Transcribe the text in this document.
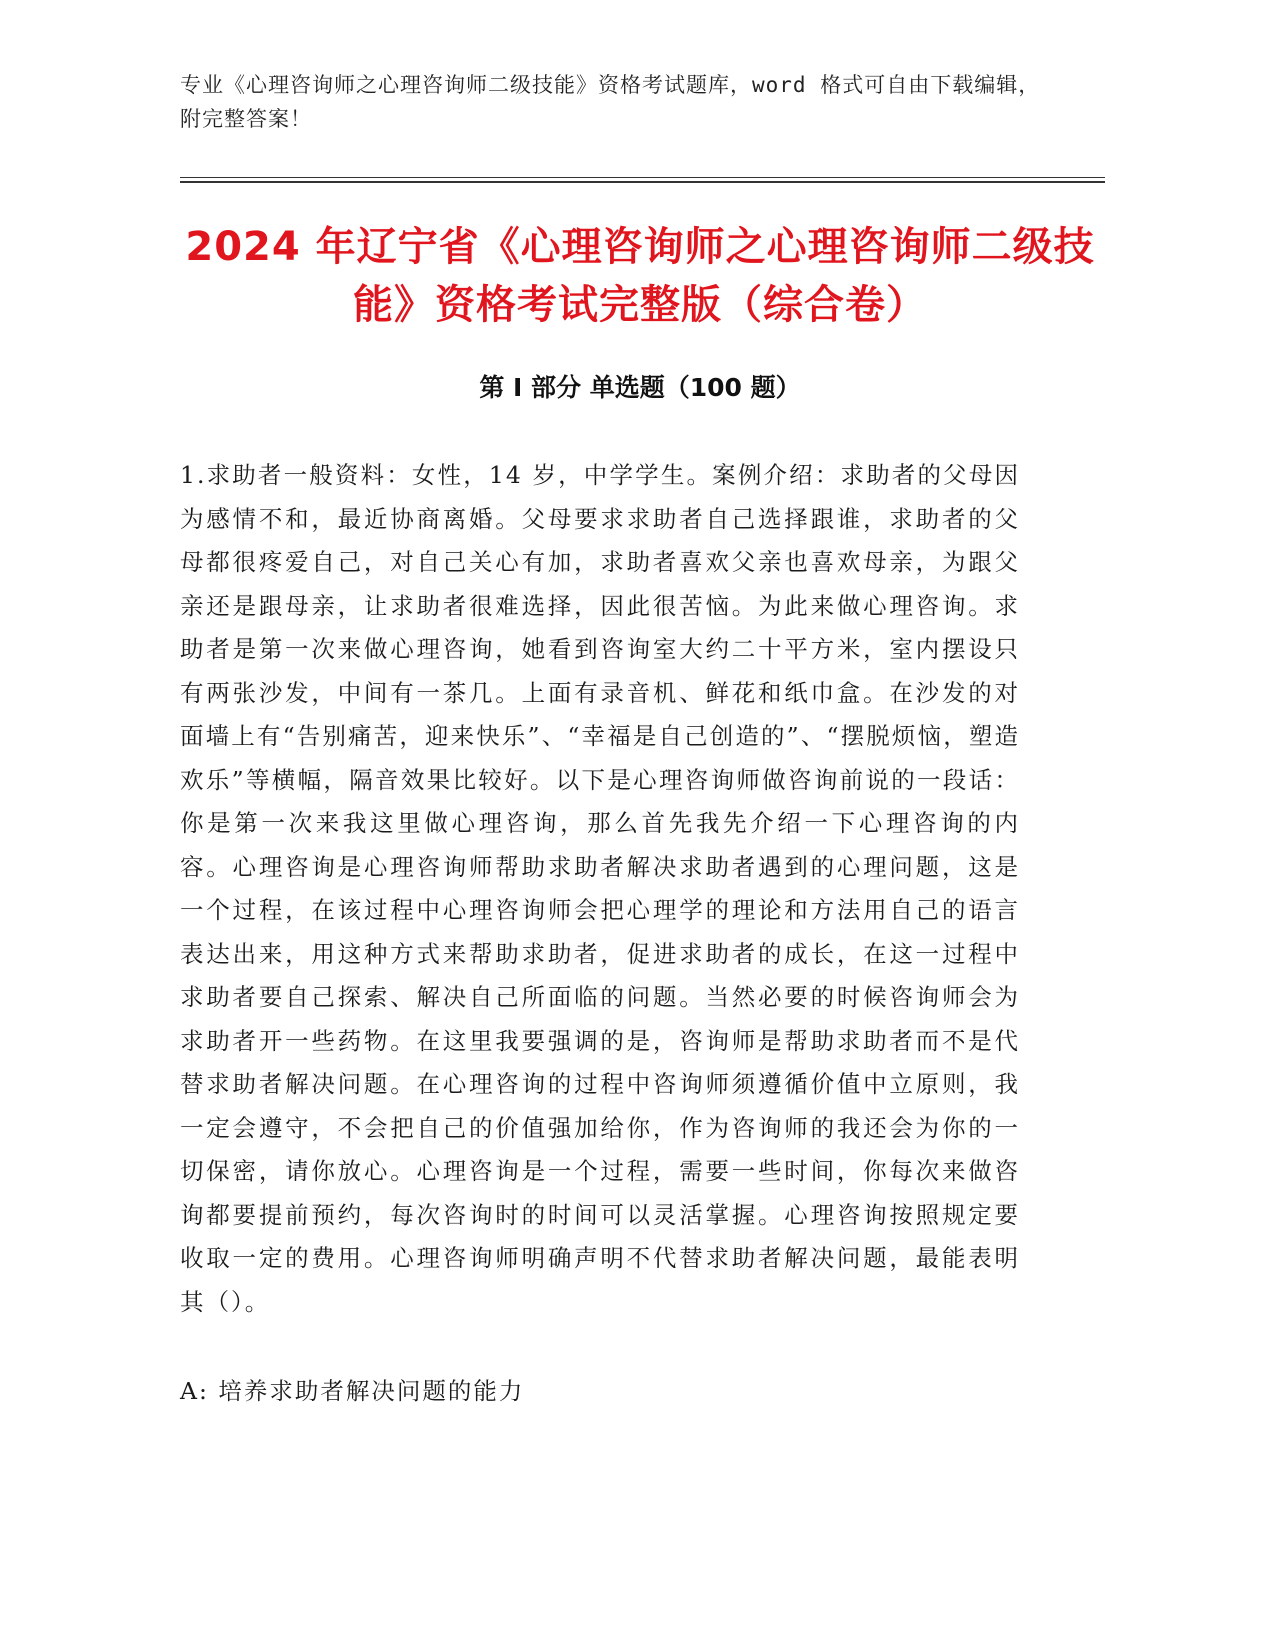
专业《心理咨询师之心理咨询师二级技能》资格考试题库，word 格式可自由下载编辑，附完整答案！
2024 年辽宁省《心理咨询师之心理咨询师二级技能》资格考试完整版（综合卷）
第 I 部分 单选题（100 题）
1.求助者一般资料：女性，14 岁，中学学生。案例介绍：求助者的父母因为感情不和，最近协商离婚。父母要求求助者自己选择跟谁，求助者的父母都很疼爱自己，对自己关心有加，求助者喜欢父亲也喜欢母亲，为跟父亲还是跟母亲，让求助者很难选择，因此很苦恼。为此来做心理咨询。求助者是第一次来做心理咨询，她看到咨询室大约二十平方米，室内摆设只有两张沙发，中间有一茶几。上面有录音机、鲜花和纸巾盒。在沙发的对面墙上有“告别痛苦，迎来快乐”、“幸福是自己创造的”、“摆脱烦恼，塑造欢乐”等横幅，隔音效果比较好。以下是心理咨询师做咨询前说的一段话：你是第一次来我这里做心理咨询，那么首先我先介绍一下心理咨询的内容。心理咨询是心理咨询师帮助求助者解决求助者遇到的心理问题，这是一个过程，在该过程中心理咨询师会把心理学的理论和方法用自己的语言表达出来，用这种方式来帮助求助者，促进求助者的成长，在这一过程中求助者要自己探索、解决自己所面临的问题。当然必要的时候咨询师会为求助者开一些药物。在这里我要强调的是，咨询师是帮助求助者而不是代替求助者解决问题。在心理咨询的过程中咨询师须遵循价值中立原则，我一定会遵守，不会把自己的价值强加给你，作为咨询师的我还会为你的一切保密，请你放心。心理咨询是一个过程，需要一些时间，你每次来做咨询都要提前预约，每次咨询时的时间可以灵活掌握。心理咨询按照规定要收取一定的费用。心理咨询师明确声明不代替求助者解决问题，最能表明其（）。
A: 培养求助者解决问题的能力
